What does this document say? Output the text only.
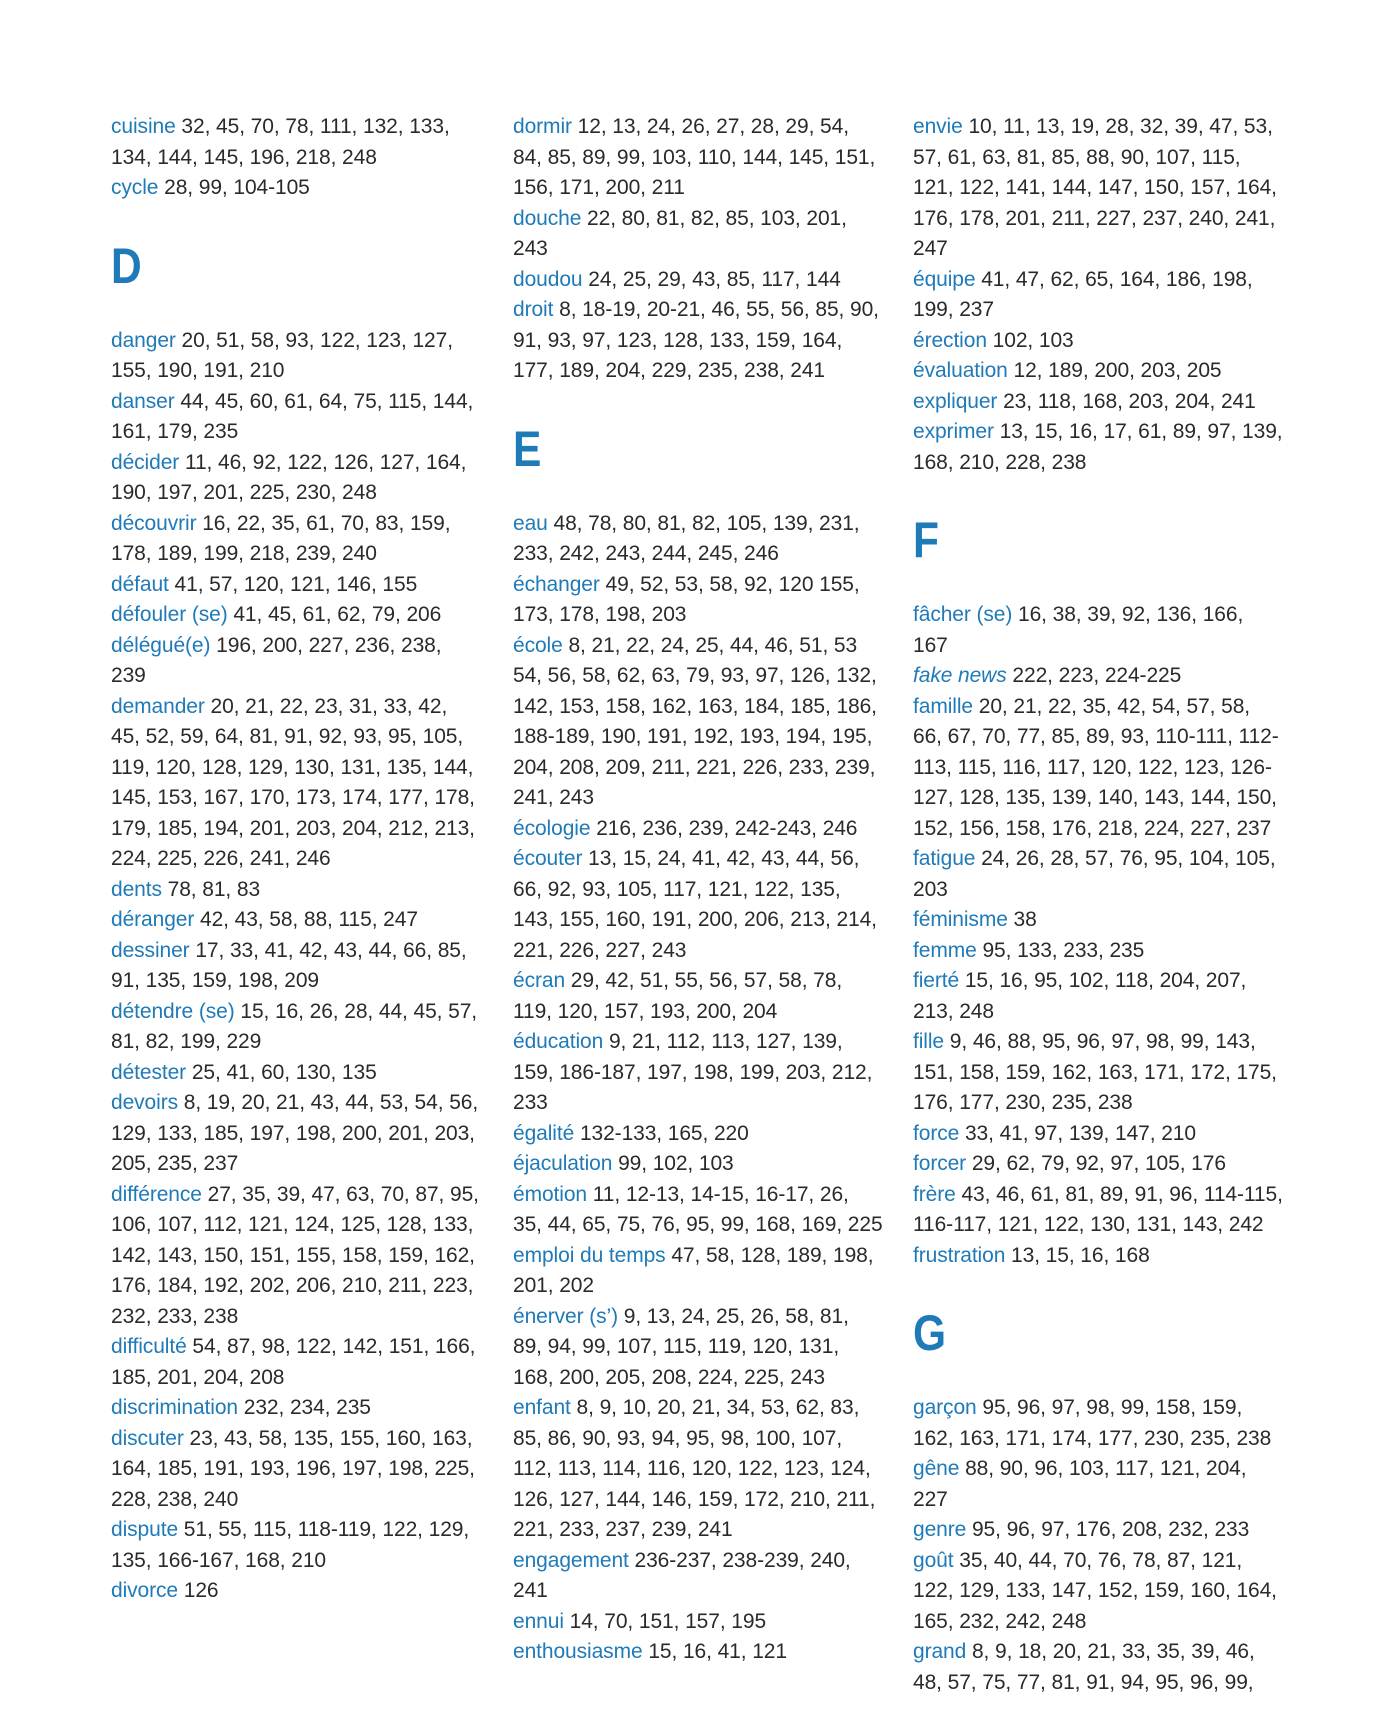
cuisine 32, 45, 70, 78, 111, 132, 133, 134, 144, 145, 196, 218, 248
cycle 28, 99, 104-105
D
danger 20, 51, 58, 93, 122, 123, 127, 155, 190, 191, 210
danser 44, 45, 60, 61, 64, 75, 115, 144, 161, 179, 235
décider 11, 46, 92, 122, 126, 127, 164, 190, 197, 201, 225, 230, 248
découvrir 16, 22, 35, 61, 70, 83, 159, 178, 189, 199, 218, 239, 240
défaut 41, 57, 120, 121, 146, 155
défouler (se) 41, 45, 61, 62, 79, 206
délégué(e) 196, 200, 227, 236, 238, 239
demander 20, 21, 22, 23, 31, 33, 42, 45, 52, 59, 64, 81, 91, 92, 93, 95, 105, 119, 120, 128, 129, 130, 131, 135, 144, 145, 153, 167, 170, 173, 174, 177, 178, 179, 185, 194, 201, 203, 204, 212, 213, 224, 225, 226, 241, 246
dents 78, 81, 83
déranger 42, 43, 58, 88, 115, 247
dessiner 17, 33, 41, 42, 43, 44, 66, 85, 91, 135, 159, 198, 209
détendre (se) 15, 16, 26, 28, 44, 45, 57, 81, 82, 199, 229
détester 25, 41, 60, 130, 135
devoirs 8, 19, 20, 21, 43, 44, 53, 54, 56, 129, 133, 185, 197, 198, 200, 201, 203, 205, 235, 237
différence 27, 35, 39, 47, 63, 70, 87, 95, 106, 107, 112, 121, 124, 125, 128, 133, 142, 143, 150, 151, 155, 158, 159, 162, 176, 184, 192, 202, 206, 210, 211, 223, 232, 233, 238
difficulté 54, 87, 98, 122, 142, 151, 166, 185, 201, 204, 208
discrimination 232, 234, 235
discuter 23, 43, 58, 135, 155, 160, 163, 164, 185, 191, 193, 196, 197, 198, 225, 228, 238, 240
dispute 51, 55, 115, 118-119, 122, 129, 135, 166-167, 168, 210
divorce 126
dormir 12, 13, 24, 26, 27, 28, 29, 54, 84, 85, 89, 99, 103, 110, 144, 145, 151, 156, 171, 200, 211
douche 22, 80, 81, 82, 85, 103, 201, 243
doudou 24, 25, 29, 43, 85, 117, 144
droit 8, 18-19, 20-21, 46, 55, 56, 85, 90, 91, 93, 97, 123, 128, 133, 159, 164, 177, 189, 204, 229, 235, 238, 241
E
eau 48, 78, 80, 81, 82, 105, 139, 231, 233, 242, 243, 244, 245, 246
échanger 49, 52, 53, 58, 92, 120 155, 173, 178, 198, 203
école 8, 21, 22, 24, 25, 44, 46, 51, 53 54, 56, 58, 62, 63, 79, 93, 97, 126, 132, 142, 153, 158, 162, 163, 184, 185, 186, 188-189, 190, 191, 192, 193, 194, 195, 204, 208, 209, 211, 221, 226, 233, 239, 241, 243
écologie 216, 236, 239, 242-243, 246
écouter 13, 15, 24, 41, 42, 43, 44, 56, 66, 92, 93, 105, 117, 121, 122, 135, 143, 155, 160, 191, 200, 206, 213, 214, 221, 226, 227, 243
écran 29, 42, 51, 55, 56, 57, 58, 78, 119, 120, 157, 193, 200, 204
éducation 9, 21, 112, 113, 127, 139, 159, 186-187, 197, 198, 199, 203, 212, 233
égalité 132-133, 165, 220
éjaculation 99, 102, 103
émotion 11, 12-13, 14-15, 16-17, 26, 35, 44, 65, 75, 76, 95, 99, 168, 169, 225
emploi du temps 47, 58, 128, 189, 198, 201, 202
énerver (s’) 9, 13, 24, 25, 26, 58, 81, 89, 94, 99, 107, 115, 119, 120, 131, 168, 200, 205, 208, 224, 225, 243
enfant 8, 9, 10, 20, 21, 34, 53, 62, 83, 85, 86, 90, 93, 94, 95, 98, 100, 107, 112, 113, 114, 116, 120, 122, 123, 124, 126, 127, 144, 146, 159, 172, 210, 211, 221, 233, 237, 239, 241
engagement 236-237, 238-239, 240, 241
ennui 14, 70, 151, 157, 195
enthousiasme 15, 16, 41, 121
envie 10, 11, 13, 19, 28, 32, 39, 47, 53, 57, 61, 63, 81, 85, 88, 90, 107, 115, 121, 122, 141, 144, 147, 150, 157, 164, 176, 178, 201, 211, 227, 237, 240, 241, 247
équipe 41, 47, 62, 65, 164, 186, 198, 199, 237
érection 102, 103
évaluation 12, 189, 200, 203, 205
expliquer 23, 118, 168, 203, 204, 241
exprimer 13, 15, 16, 17, 61, 89, 97, 139, 168, 210, 228, 238
F
fâcher (se) 16, 38, 39, 92, 136, 166, 167
fake news 222, 223, 224-225
famille 20, 21, 22, 35, 42, 54, 57, 58, 66, 67, 70, 77, 85, 89, 93, 110-111, 112-113, 115, 116, 117, 120, 122, 123, 126-127, 128, 135, 139, 140, 143, 144, 150, 152, 156, 158, 176, 218, 224, 227, 237
fatigue 24, 26, 28, 57, 76, 95, 104, 105, 203
féminisme 38
femme 95, 133, 233, 235
fierté 15, 16, 95, 102, 118, 204, 207, 213, 248
fille 9, 46, 88, 95, 96, 97, 98, 99, 143, 151, 158, 159, 162, 163, 171, 172, 175, 176, 177, 230, 235, 238
force 33, 41, 97, 139, 147, 210
forcer 29, 62, 79, 92, 97, 105, 176
frère 43, 46, 61, 81, 89, 91, 96, 114-115, 116-117, 121, 122, 130, 131, 143, 242
frustration 13, 15, 16, 168
G
garçon 95, 96, 97, 98, 99, 158, 159, 162, 163, 171, 174, 177, 230, 235, 238
gêne 88, 90, 96, 103, 117, 121, 204, 227
genre 95, 96, 97, 176, 208, 232, 233
goût 35, 40, 44, 70, 76, 78, 87, 121, 122, 129, 133, 147, 152, 159, 160, 164, 165, 232, 242, 248
grand 8, 9, 18, 20, 21, 33, 35, 39, 46, 48, 57, 75, 77, 81, 91, 94, 95, 96, 99,
